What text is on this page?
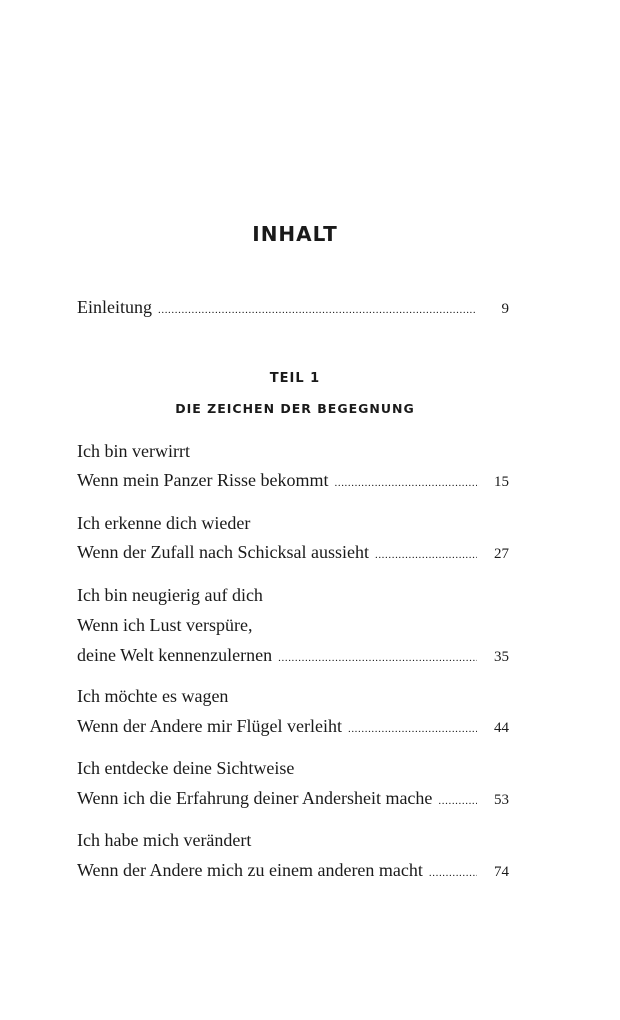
INHALT
Einleitung .....	9
TEIL 1
DIE ZEICHEN DER BEGEGNUNG
Ich bin verwirrt
Wenn mein Panzer Risse bekommt .....	15
Ich erkenne dich wieder
Wenn der Zufall nach Schicksal aussieht .....	27
Ich bin neugierig auf dich
Wenn ich Lust verspüre,
deine Welt kennenzulernen .....	35
Ich möchte es wagen
Wenn der Andere mir Flügel verleiht .....	44
Ich entdecke deine Sichtweise
Wenn ich die Erfahrung deiner Andersheit mache .....	53
Ich habe mich verändert
Wenn der Andere mich zu einem anderen macht .....	74
